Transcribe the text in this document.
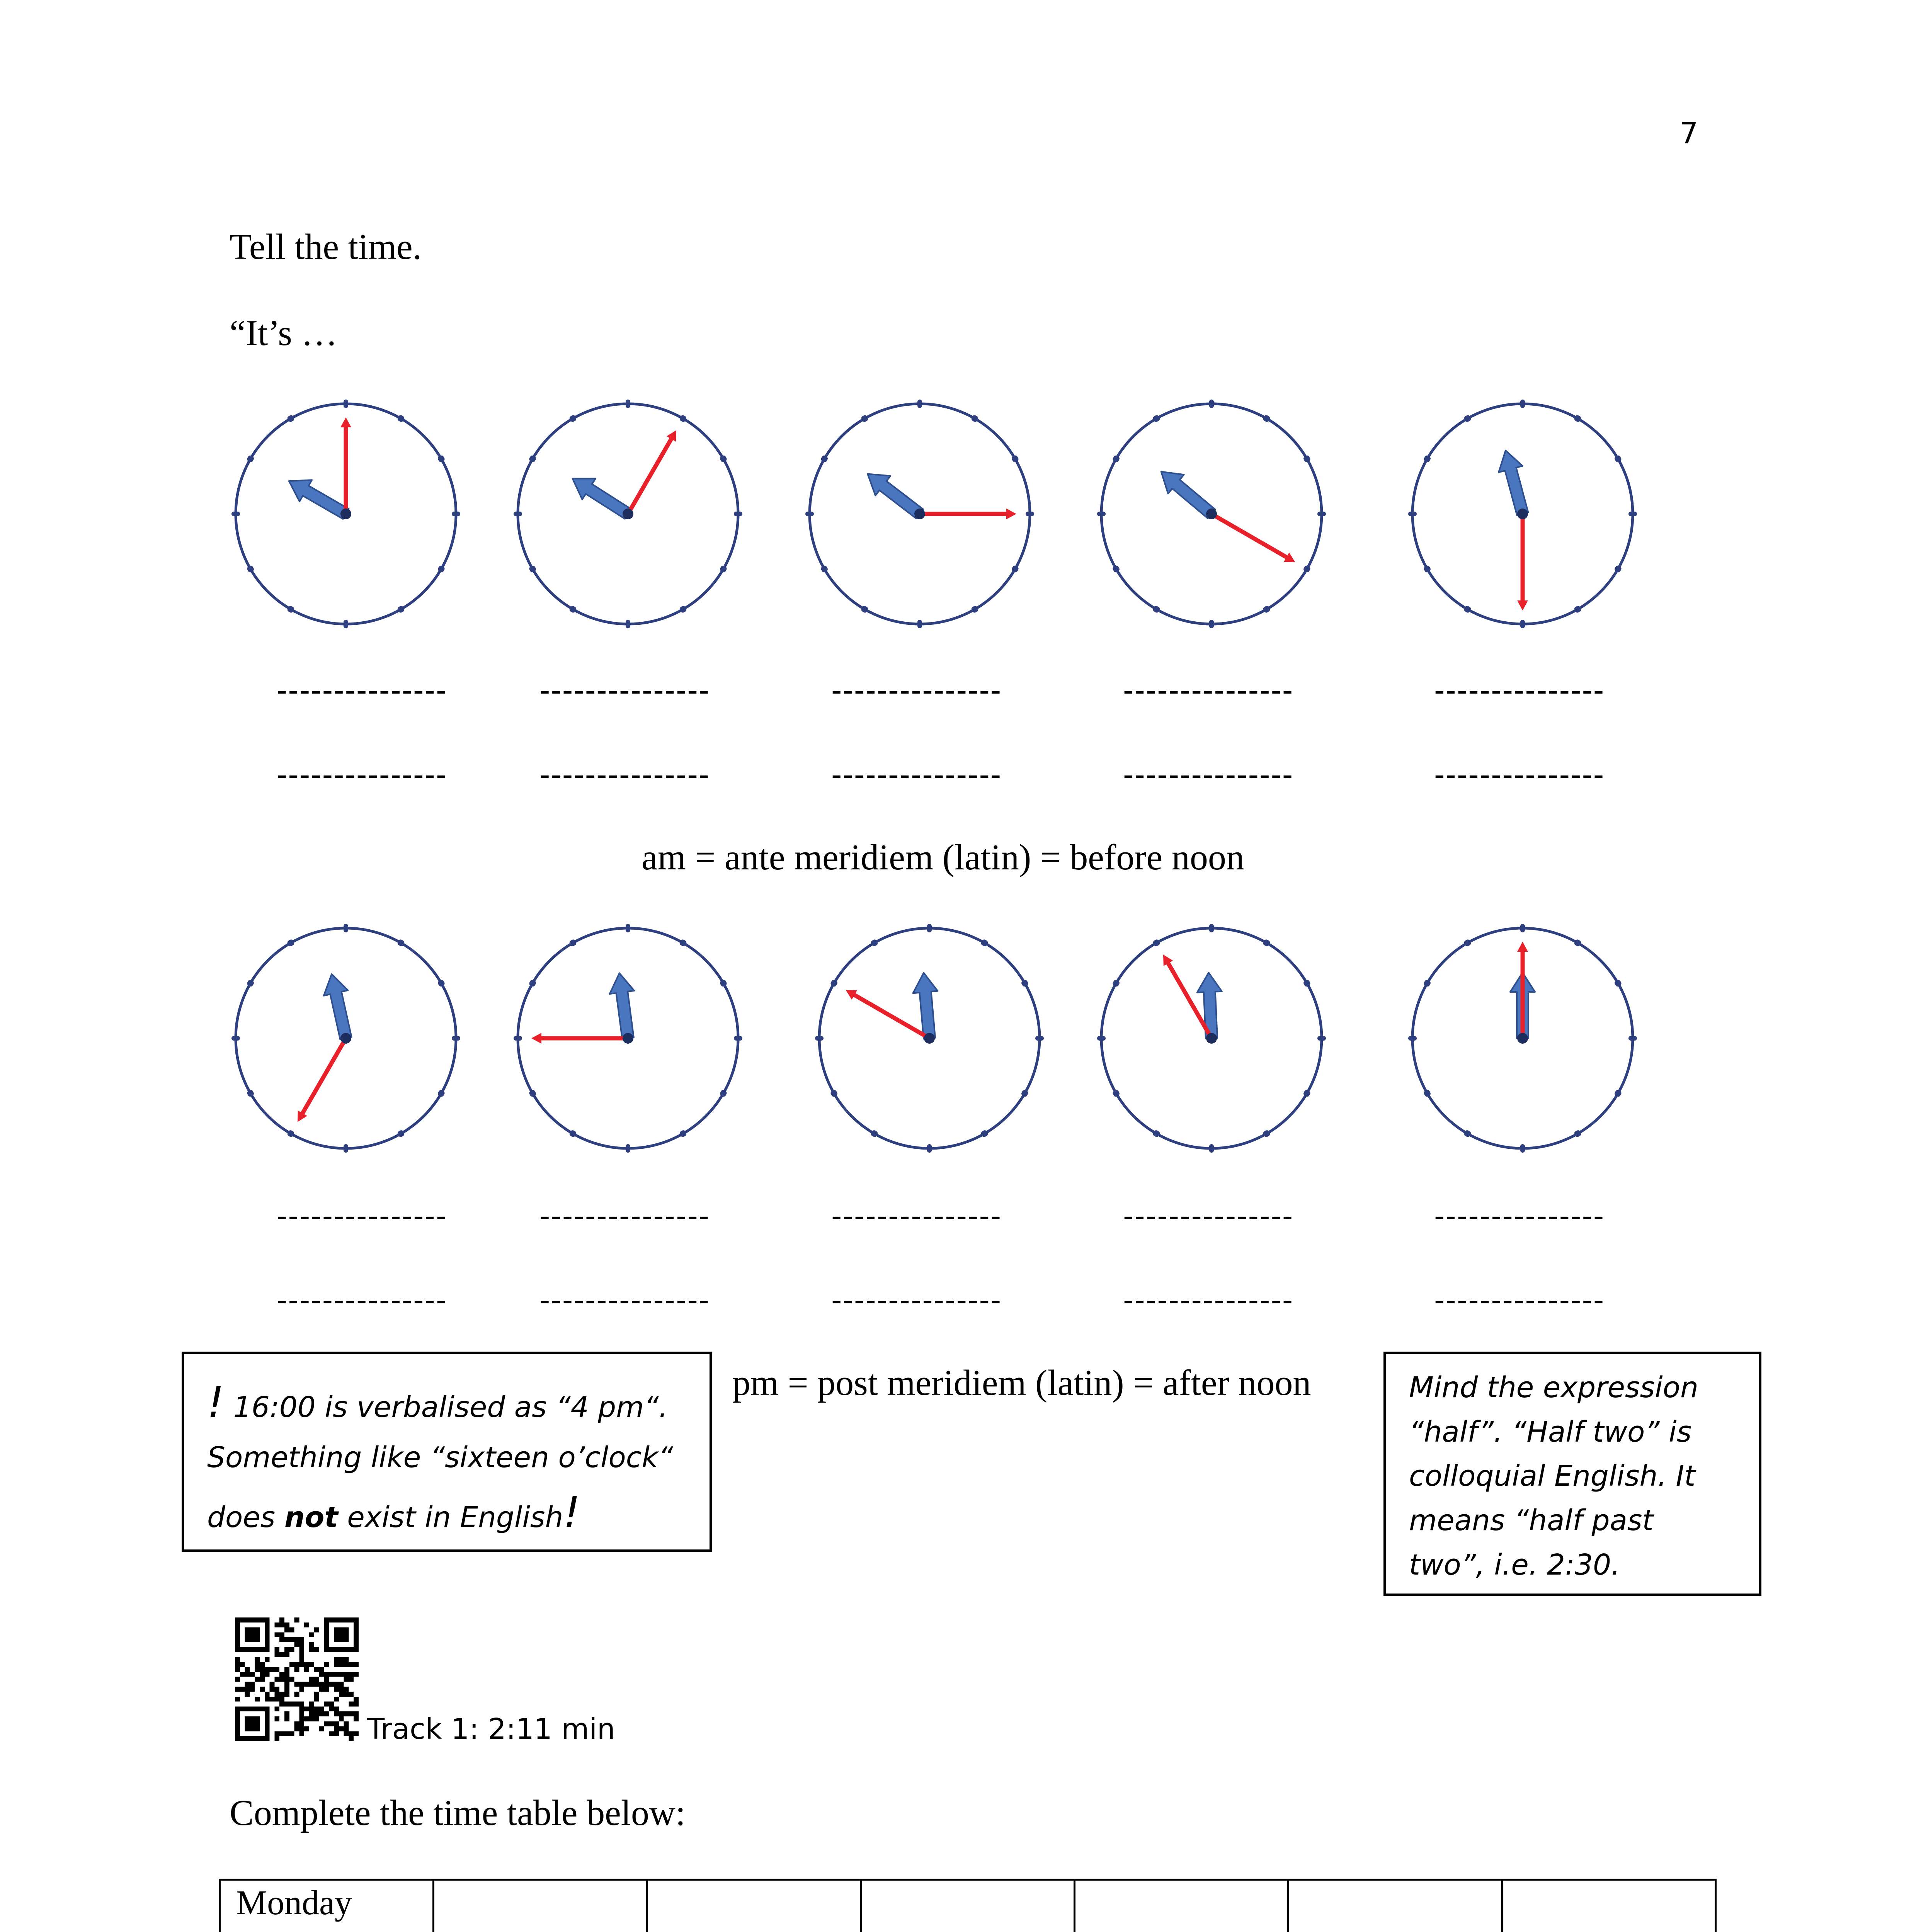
7
Tell the time.
“It’s …
---------------	---------------	---------------	---------------	---------------
---------------	---------------	---------------	---------------	---------------
am = ante meridiem (latin) = before noon
---------------	---------------	---------------	---------------	---------------
---------------	---------------	---------------	---------------	---------------
! 16:00 is verbalised as “4 pm“.
Something like “sixteen o’clock“
does not exist in English!
pm = post meridiem (latin) = after noon	Mind the expression “half”. “Half two” is colloquial English. It means “half past two”, i.e. 2:30.
Track 1: 2:11 min
Complete the time table below:
Monday						
